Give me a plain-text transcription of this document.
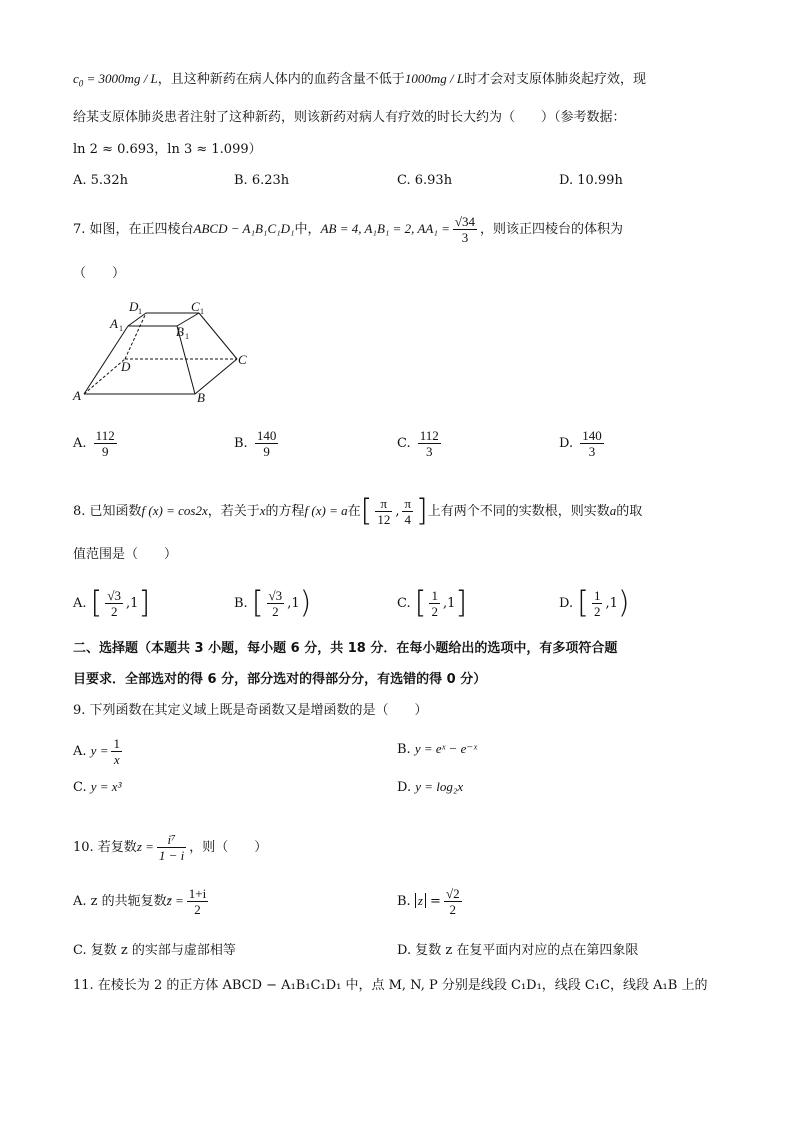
$c_0 = 3000mg / L$，且这种新药在病人体内的血药含量不低于1000mg / L时才会对支原体肺炎起疗效，现
给某支原体肺炎患者注射了这种新药，则该新药对病人有疗效的时长大约为（　　）（参考数据：
ln 2 ≈ 0.693，ln 3 ≈ 1.099）
A. 5.32h	B. 6.23h	C. 6.93h	D. 10.99h
7. 如图，在正四棱台ABCD − A₁B₁C₁D₁中，AB = 4, A₁B₁ = 2, $AA_1 = \frac{√34}{3}$ ，则该正四棱台的体积为
（　　）
A	B
C
D
A 1	B 1
C 1
D 1
A. $\frac{112}{9}$	B. $\frac{140}{9}$	C. $\frac{112}{3}$	D. $\frac{140}{3}$
8. 已知函数f (x) = cos2x，若关于x的方程f (x) = a在[ $\frac{\pi}{12}$ , $\frac{\pi}{4}$ ]上有两个不同的实数根，则实数a的取
值范围是（　　）
A. [ $\frac{√3}{2} ,1$]	B. [ $\frac{√3}{2} ,1$)	C. [ $\frac{1}{2} ,1$]	D. [ $\frac{1}{2} ,1$)
二、选择题（本题共 3 小题，每小题 6 分，共 18 分．在每小题给出的选项中，有多项符合题
目要求．全部选对的得 6 分，部分选对的得部分分，有选错的得 0 分）
9. 下列函数在其定义域上既是奇函数又是增函数的是（　　）
A. $y = \frac{1}{x}$	B. y = eˣ − e⁻ˣ
C. y = x³	D. y = log₂x
10. 若复数$z = \frac{\text{i⁷}}{1 - i}$ ，则（　　）
A. z 的共轭复数z̄ = $\frac{1+i}{2}$	B. $z = \frac{√2}{2}$
C. 复数 z 的实部与虚部相等	D. 复数 z 在复平面内对应的点在第四象限
11. 在棱长为 2 的正方体 ABCD − A₁B₁C₁D₁ 中，点 M, N, P 分别是线段 C₁D₁，线段 C₁C，线段 A₁B 上的
